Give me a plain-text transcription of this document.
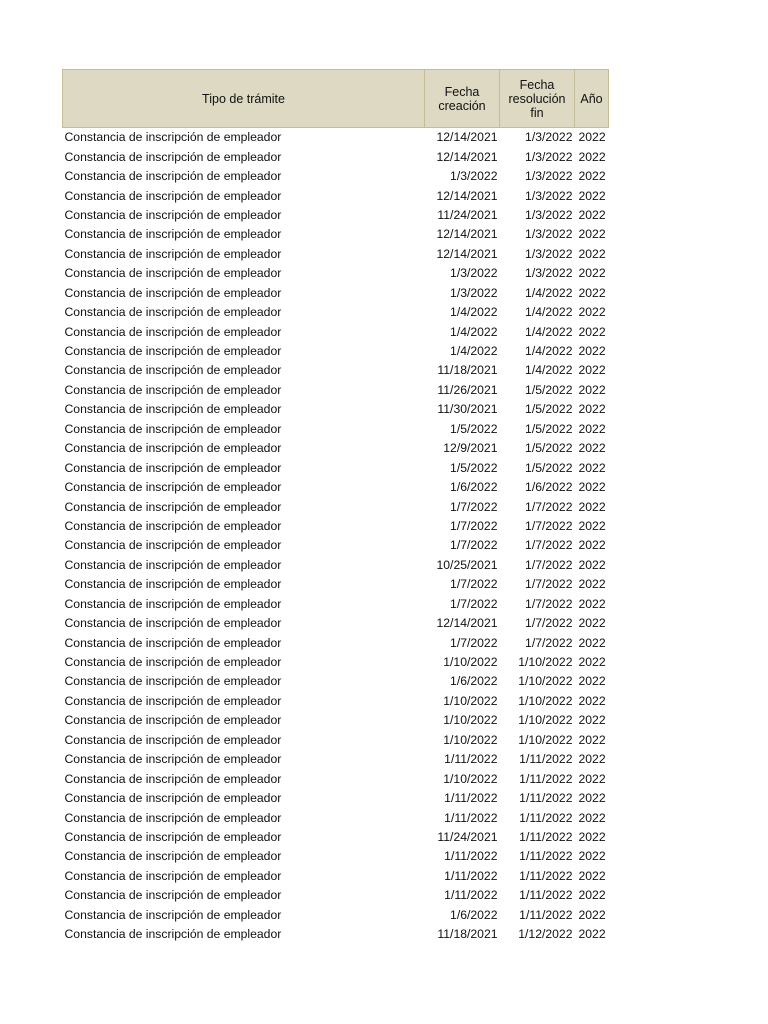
Tipo de trámite	Fecha creación	Fecha resolución fin	Año
Constancia de inscripción de empleador	12/14/2021	1/3/2022	2022
Constancia de inscripción de empleador	12/14/2021	1/3/2022	2022
Constancia de inscripción de empleador	1/3/2022	1/3/2022	2022
Constancia de inscripción de empleador	12/14/2021	1/3/2022	2022
Constancia de inscripción de empleador	11/24/2021	1/3/2022	2022
Constancia de inscripción de empleador	12/14/2021	1/3/2022	2022
Constancia de inscripción de empleador	12/14/2021	1/3/2022	2022
Constancia de inscripción de empleador	1/3/2022	1/3/2022	2022
Constancia de inscripción de empleador	1/3/2022	1/4/2022	2022
Constancia de inscripción de empleador	1/4/2022	1/4/2022	2022
Constancia de inscripción de empleador	1/4/2022	1/4/2022	2022
Constancia de inscripción de empleador	1/4/2022	1/4/2022	2022
Constancia de inscripción de empleador	11/18/2021	1/4/2022	2022
Constancia de inscripción de empleador	11/26/2021	1/5/2022	2022
Constancia de inscripción de empleador	11/30/2021	1/5/2022	2022
Constancia de inscripción de empleador	1/5/2022	1/5/2022	2022
Constancia de inscripción de empleador	12/9/2021	1/5/2022	2022
Constancia de inscripción de empleador	1/5/2022	1/5/2022	2022
Constancia de inscripción de empleador	1/6/2022	1/6/2022	2022
Constancia de inscripción de empleador	1/7/2022	1/7/2022	2022
Constancia de inscripción de empleador	1/7/2022	1/7/2022	2022
Constancia de inscripción de empleador	1/7/2022	1/7/2022	2022
Constancia de inscripción de empleador	10/25/2021	1/7/2022	2022
Constancia de inscripción de empleador	1/7/2022	1/7/2022	2022
Constancia de inscripción de empleador	1/7/2022	1/7/2022	2022
Constancia de inscripción de empleador	12/14/2021	1/7/2022	2022
Constancia de inscripción de empleador	1/7/2022	1/7/2022	2022
Constancia de inscripción de empleador	1/10/2022	1/10/2022	2022
Constancia de inscripción de empleador	1/6/2022	1/10/2022	2022
Constancia de inscripción de empleador	1/10/2022	1/10/2022	2022
Constancia de inscripción de empleador	1/10/2022	1/10/2022	2022
Constancia de inscripción de empleador	1/10/2022	1/10/2022	2022
Constancia de inscripción de empleador	1/11/2022	1/11/2022	2022
Constancia de inscripción de empleador	1/10/2022	1/11/2022	2022
Constancia de inscripción de empleador	1/11/2022	1/11/2022	2022
Constancia de inscripción de empleador	1/11/2022	1/11/2022	2022
Constancia de inscripción de empleador	11/24/2021	1/11/2022	2022
Constancia de inscripción de empleador	1/11/2022	1/11/2022	2022
Constancia de inscripción de empleador	1/11/2022	1/11/2022	2022
Constancia de inscripción de empleador	1/11/2022	1/11/2022	2022
Constancia de inscripción de empleador	1/6/2022	1/11/2022	2022
Constancia de inscripción de empleador	11/18/2021	1/12/2022	2022
